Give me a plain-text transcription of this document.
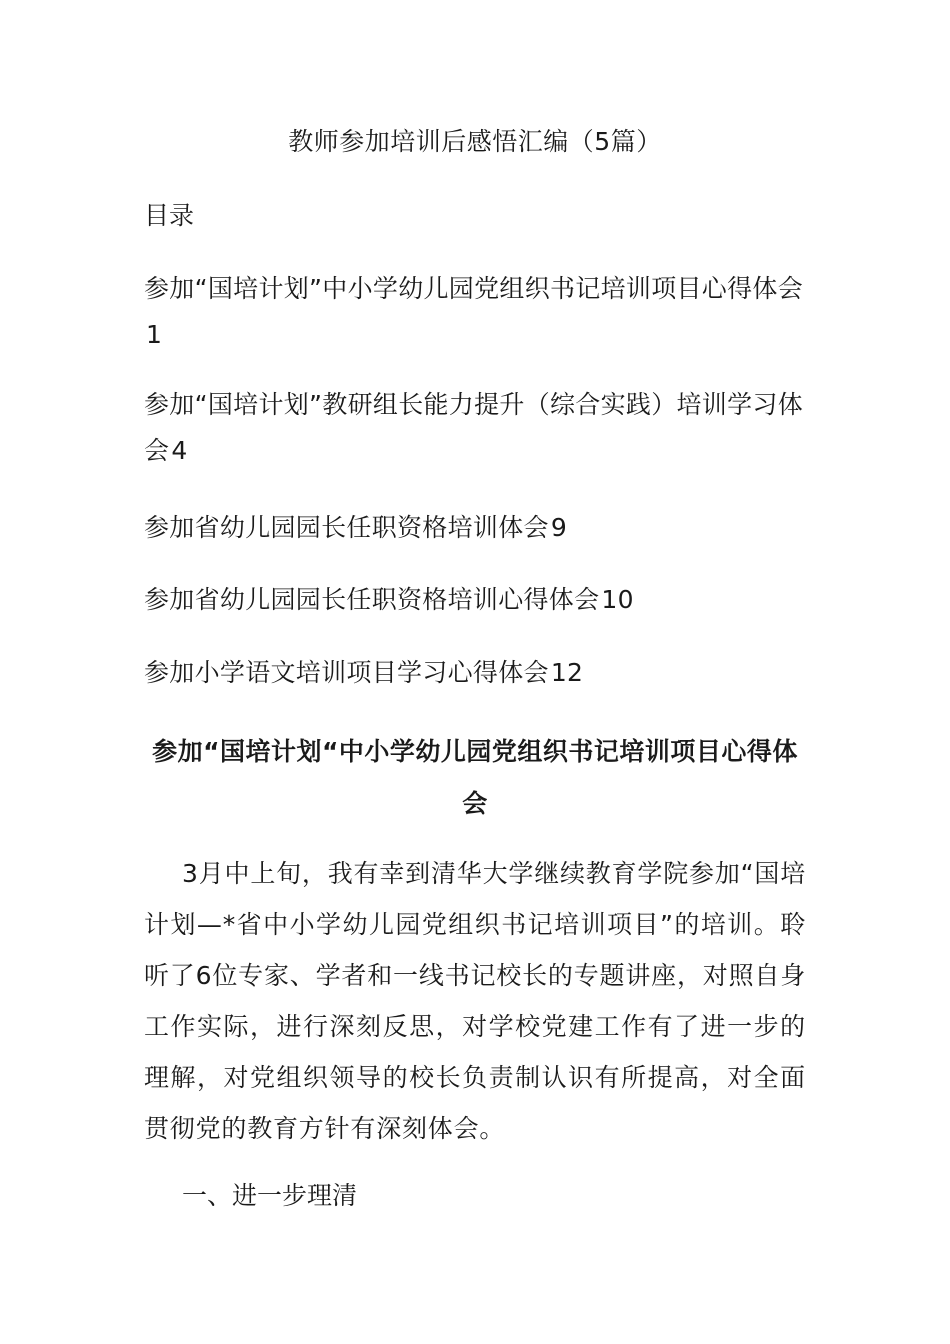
教师参加培训后感悟汇编（5篇）
目录
参加“国培计划”中小学幼儿园党组织书记培训项目心得体会1
参加“国培计划”教研组长能力提升（综合实践）培训学习体会4
参加省幼儿园园长任职资格培训体会9
参加省幼儿园园长任职资格培训心得体会10
参加小学语文培训项目学习心得体会12
参加“国培计划“中小学幼儿园党组织书记培训项目心得体会
3月中上旬，我有幸到清华大学继续教育学院参加“国培计划—*省中小学幼儿园党组织书记培训项目”的培训。聆听了6位专家、学者和一线书记校长的专题讲座，对照自身工作实际，进行深刻反思，对学校党建工作有了进一步的理解，对党组织领导的校长负责制认识有所提高，对全面贯彻党的教育方针有深刻体会。
一、进一步理清
